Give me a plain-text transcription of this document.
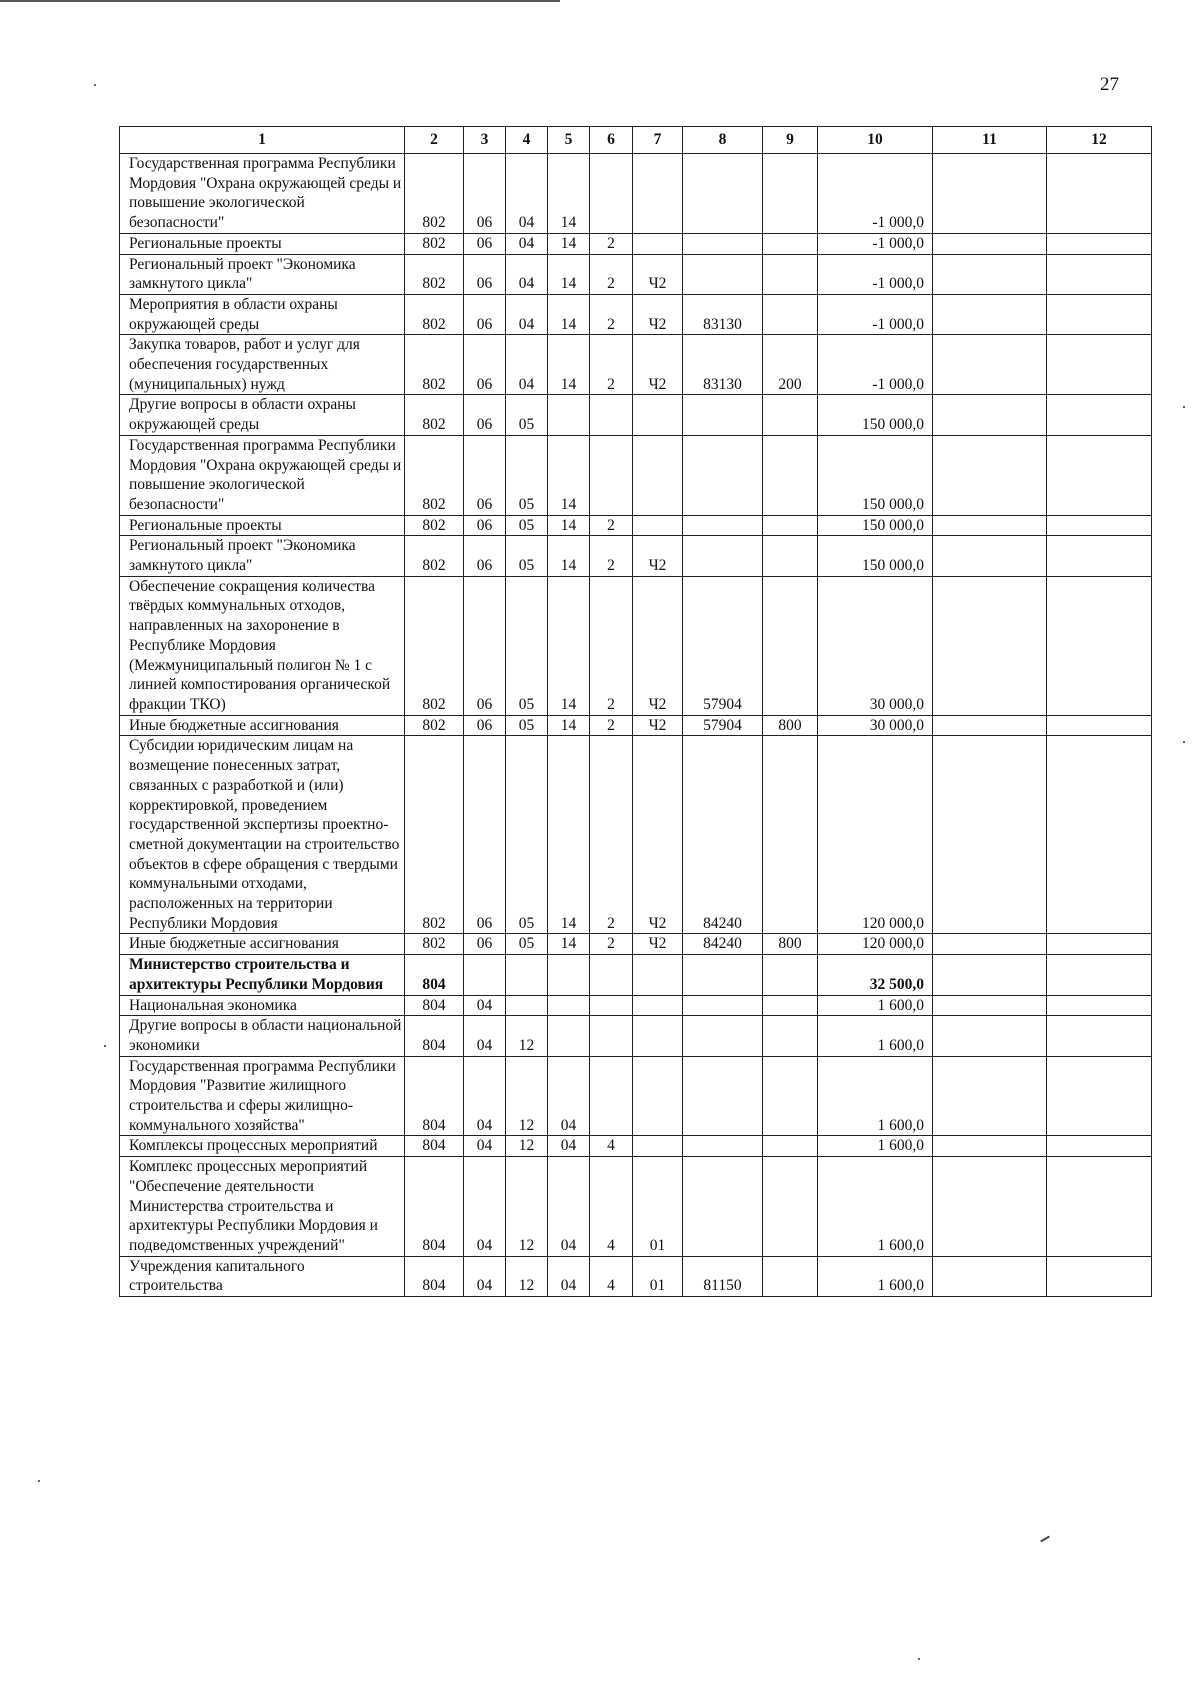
27
1	2	3	4	5	6	7	8	9	10	11	12
Государственная программа Республики Мордовия "Охрана окружающей среды и повышение экологической безопасности"	802	06	04	14					-1 000,0		
Региональные проекты	802	06	04	14	2				-1 000,0		
Региональный проект "Экономика замкнутого цикла"	802	06	04	14	2	Ч2			-1 000,0		
Мероприятия в области охраны окружающей среды	802	06	04	14	2	Ч2	83130		-1 000,0		
Закупка товаров, работ и услуг для обеспечения государственных (муниципальных) нужд	802	06	04	14	2	Ч2	83130	200	-1 000,0		
Другие вопросы в области охраны окружающей среды	802	06	05						150 000,0		
Государственная программа Республики Мордовия "Охрана окружающей среды и повышение экологической безопасности"	802	06	05	14					150 000,0		
Региональные проекты	802	06	05	14	2				150 000,0		
Региональный проект "Экономика замкнутого цикла"	802	06	05	14	2	Ч2			150 000,0		
Обеспечение сокращения количества твёрдых коммунальных отходов, направленных на захоронение в Республике Мордовия (Межмуниципальный полигон № 1 с линией компостирования органической фракции ТКО)	802	06	05	14	2	Ч2	57904		30 000,0		
Иные бюджетные ассигнования	802	06	05	14	2	Ч2	57904	800	30 000,0		
Субсидии юридическим лицам на возмещение понесенных затрат, связанных с разработкой и (или) корректировкой, проведением государственной экспертизы проектно-сметной документации на строительство объектов в сфере обращения с твердыми коммунальными отходами, расположенных на территории Республики Мордовия	802	06	05	14	2	Ч2	84240		120 000,0		
Иные бюджетные ассигнования	802	06	05	14	2	Ч2	84240	800	120 000,0		
Министерство строительства и архитектуры Республики Мордовия	804								32 500,0		
Национальная экономика	804	04							1 600,0		
Другие вопросы в области национальной экономики	804	04	12						1 600,0		
Государственная программа Республики Мордовия "Развитие жилищного строительства и сферы жилищно-коммунального хозяйства"	804	04	12	04					1 600,0		
Комплексы процессных мероприятий	804	04	12	04	4				1 600,0		
Комплекс процессных мероприятий "Обеспечение деятельности Министерства строительства и архитектуры Республики Мордовия и подведомственных учреждений"	804	04	12	04	4	01			1 600,0		
Учреждения капитального строительства	804	04	12	04	4	01	81150		1 600,0		
